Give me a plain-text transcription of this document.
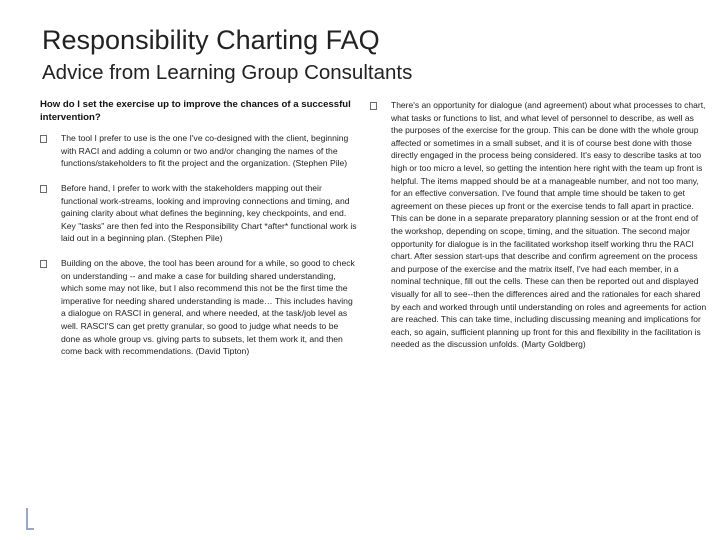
Responsibility Charting FAQ
Advice from Learning Group Consultants
How do I set the exercise up to improve the chances of a successful intervention?
The tool I prefer to use is the one I've co-designed with the client, beginning with RACI and adding a column or two and/or changing the names of the functions/stakeholders to fit the project and the organization. (Stephen Pile)
Before hand, I prefer to work with the stakeholders mapping out their functional work-streams, looking and improving connections and timing, and gaining clarity about what defines the beginning, key checkpoints, and end. Key "tasks" are then fed into the Responsibility Chart *after* functional work is laid out in a beginning plan. (Stephen Pile)
Building on the above, the tool has been around for a while, so good to check on understanding -- and make a case for building shared understanding, which some may not like, but I also recommend this not be the first time the imperative for needing shared understanding is made… This includes having a dialogue on RASCI in general, and where needed, at the task/job level as well. RASCI'S can get pretty granular, so good to judge what needs to be done as whole group vs. giving parts to subsets, let them work it, and then come back with recommendations. (David Tipton)
There's an opportunity for dialogue (and agreement) about what processes to chart, what tasks or functions to list, and what level of personnel to describe, as well as the purposes of the exercise for the group. This can be done with the whole group affected or sometimes in a small subset, and it is of course best done with those directly engaged in the process being considered. It's easy to describe tasks at too high or too micro a level, so getting the intention here right with the team up front is helpful. The items mapped should be at a manageable number, and not too many, for an effective conversation. I've found that ample time should be taken to get agreement on these pieces up front or the exercise tends to fall apart in practice. This can be done in a separate preparatory planning session or at the front end of the workshop, depending on scope, timing, and the situation. The second major opportunity for dialogue is in the facilitated workshop itself working thru the RACI chart. After session start-ups that describe and confirm agreement on the process and purpose of the exercise and the matrix itself, I've had each member, in a nominal technique, fill out the cells. These can then be reported out and displayed visually for all to see--then the differences aired and the rationales for each shared by each and worked through until understanding on roles and agreements for action are reached. This can take time, including discussing meaning and implications for each, so again, sufficient planning up front for this and flexibility in the facilitation is needed as the discussion unfolds. (Marty Goldberg)
